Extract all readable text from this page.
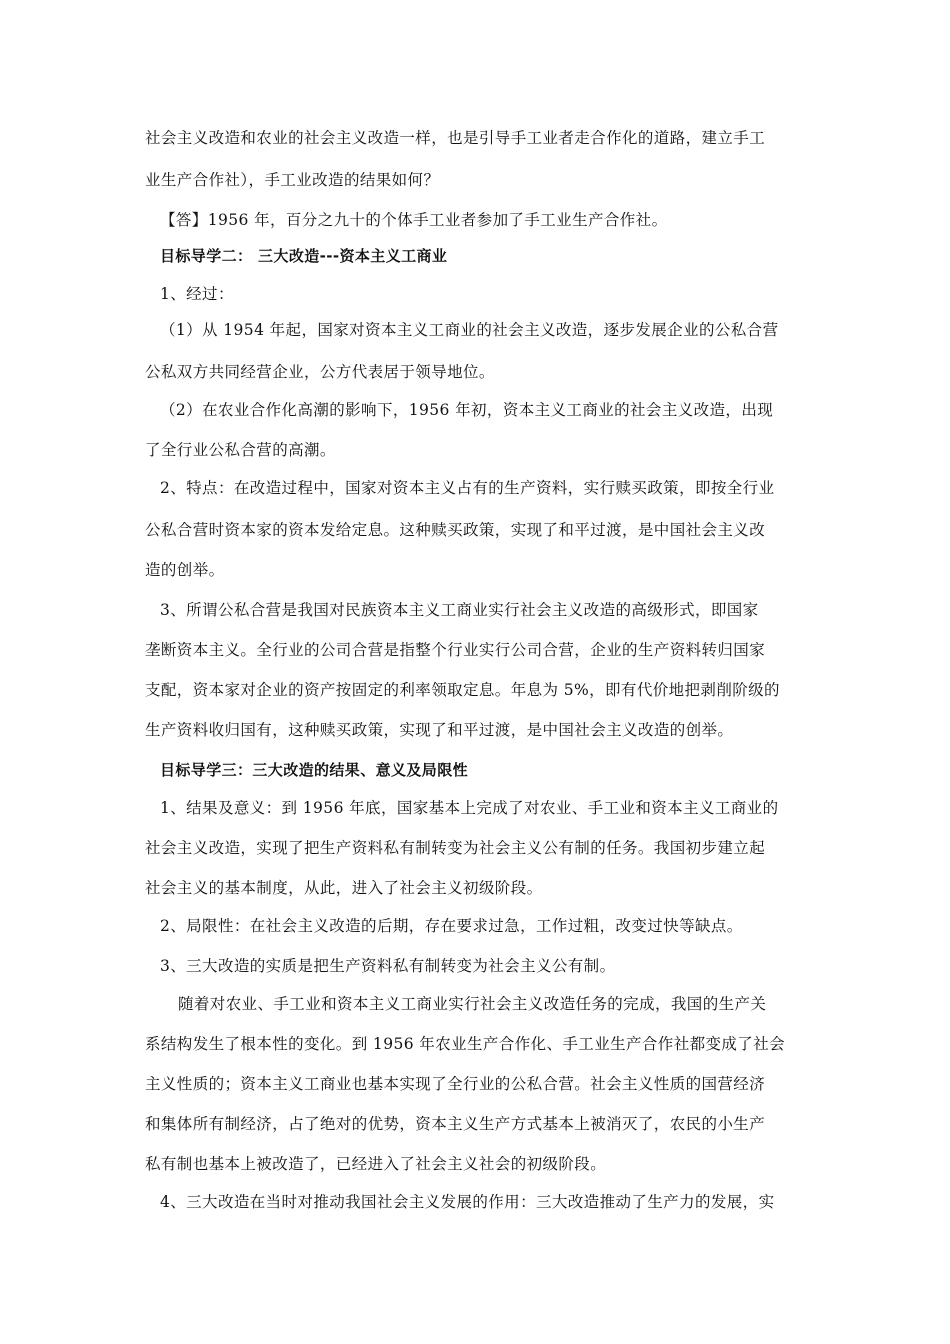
社会主义改造和农业的社会主义改造一样，也是引导手工业者走合作化的道路，建立手工
业生产合作社），手工业改造的结果如何？
【答】1956 年，百分之九十的个体手工业者参加了手工业生产合作社。
目标导学二： 三大改造---资本主义工商业
1、经过：
（1）从 1954 年起，国家对资本主义工商业的社会主义改造，逐步发展企业的公私合营
公私双方共同经营企业，公方代表居于领导地位。
（2）在农业合作化高潮的影响下，1956 年初，资本主义工商业的社会主义改造，出现
了全行业公私合营的高潮。
2、特点：在改造过程中，国家对资本主义占有的生产资料，实行赎买政策，即按全行业
公私合营时资本家的资本发给定息。这种赎买政策，实现了和平过渡，是中国社会主义改
造的创举。
3、所谓公私合营是我国对民族资本主义工商业实行社会主义改造的高级形式，即国家
垄断资本主义。全行业的公司合营是指整个行业实行公司合营，企业的生产资料转归国家
支配，资本家对企业的资产按固定的利率领取定息。年息为 5%，即有代价地把剥削阶级的
生产资料收归国有，这种赎买政策，实现了和平过渡，是中国社会主义改造的创举。
目标导学三：三大改造的结果、意义及局限性
1、结果及意义：到 1956 年底，国家基本上完成了对农业、手工业和资本主义工商业的
社会主义改造，实现了把生产资料私有制转变为社会主义公有制的任务。我国初步建立起
社会主义的基本制度，从此，进入了社会主义初级阶段。
2、局限性：在社会主义改造的后期，存在要求过急，工作过粗，改变过快等缺点。
3、三大改造的实质是把生产资料私有制转变为社会主义公有制。
随着对农业、手工业和资本主义工商业实行社会主义改造任务的完成，我国的生产关
系结构发生了根本性的变化。到 1956 年农业生产合作化、手工业生产合作社都变成了社会
主义性质的；资本主义工商业也基本实现了全行业的公私合营。社会主义性质的国营经济
和集体所有制经济，占了绝对的优势，资本主义生产方式基本上被消灭了，农民的小生产
私有制也基本上被改造了，已经进入了社会主义社会的初级阶段。
4、三大改造在当时对推动我国社会主义发展的作用：三大改造推动了生产力的发展，实
